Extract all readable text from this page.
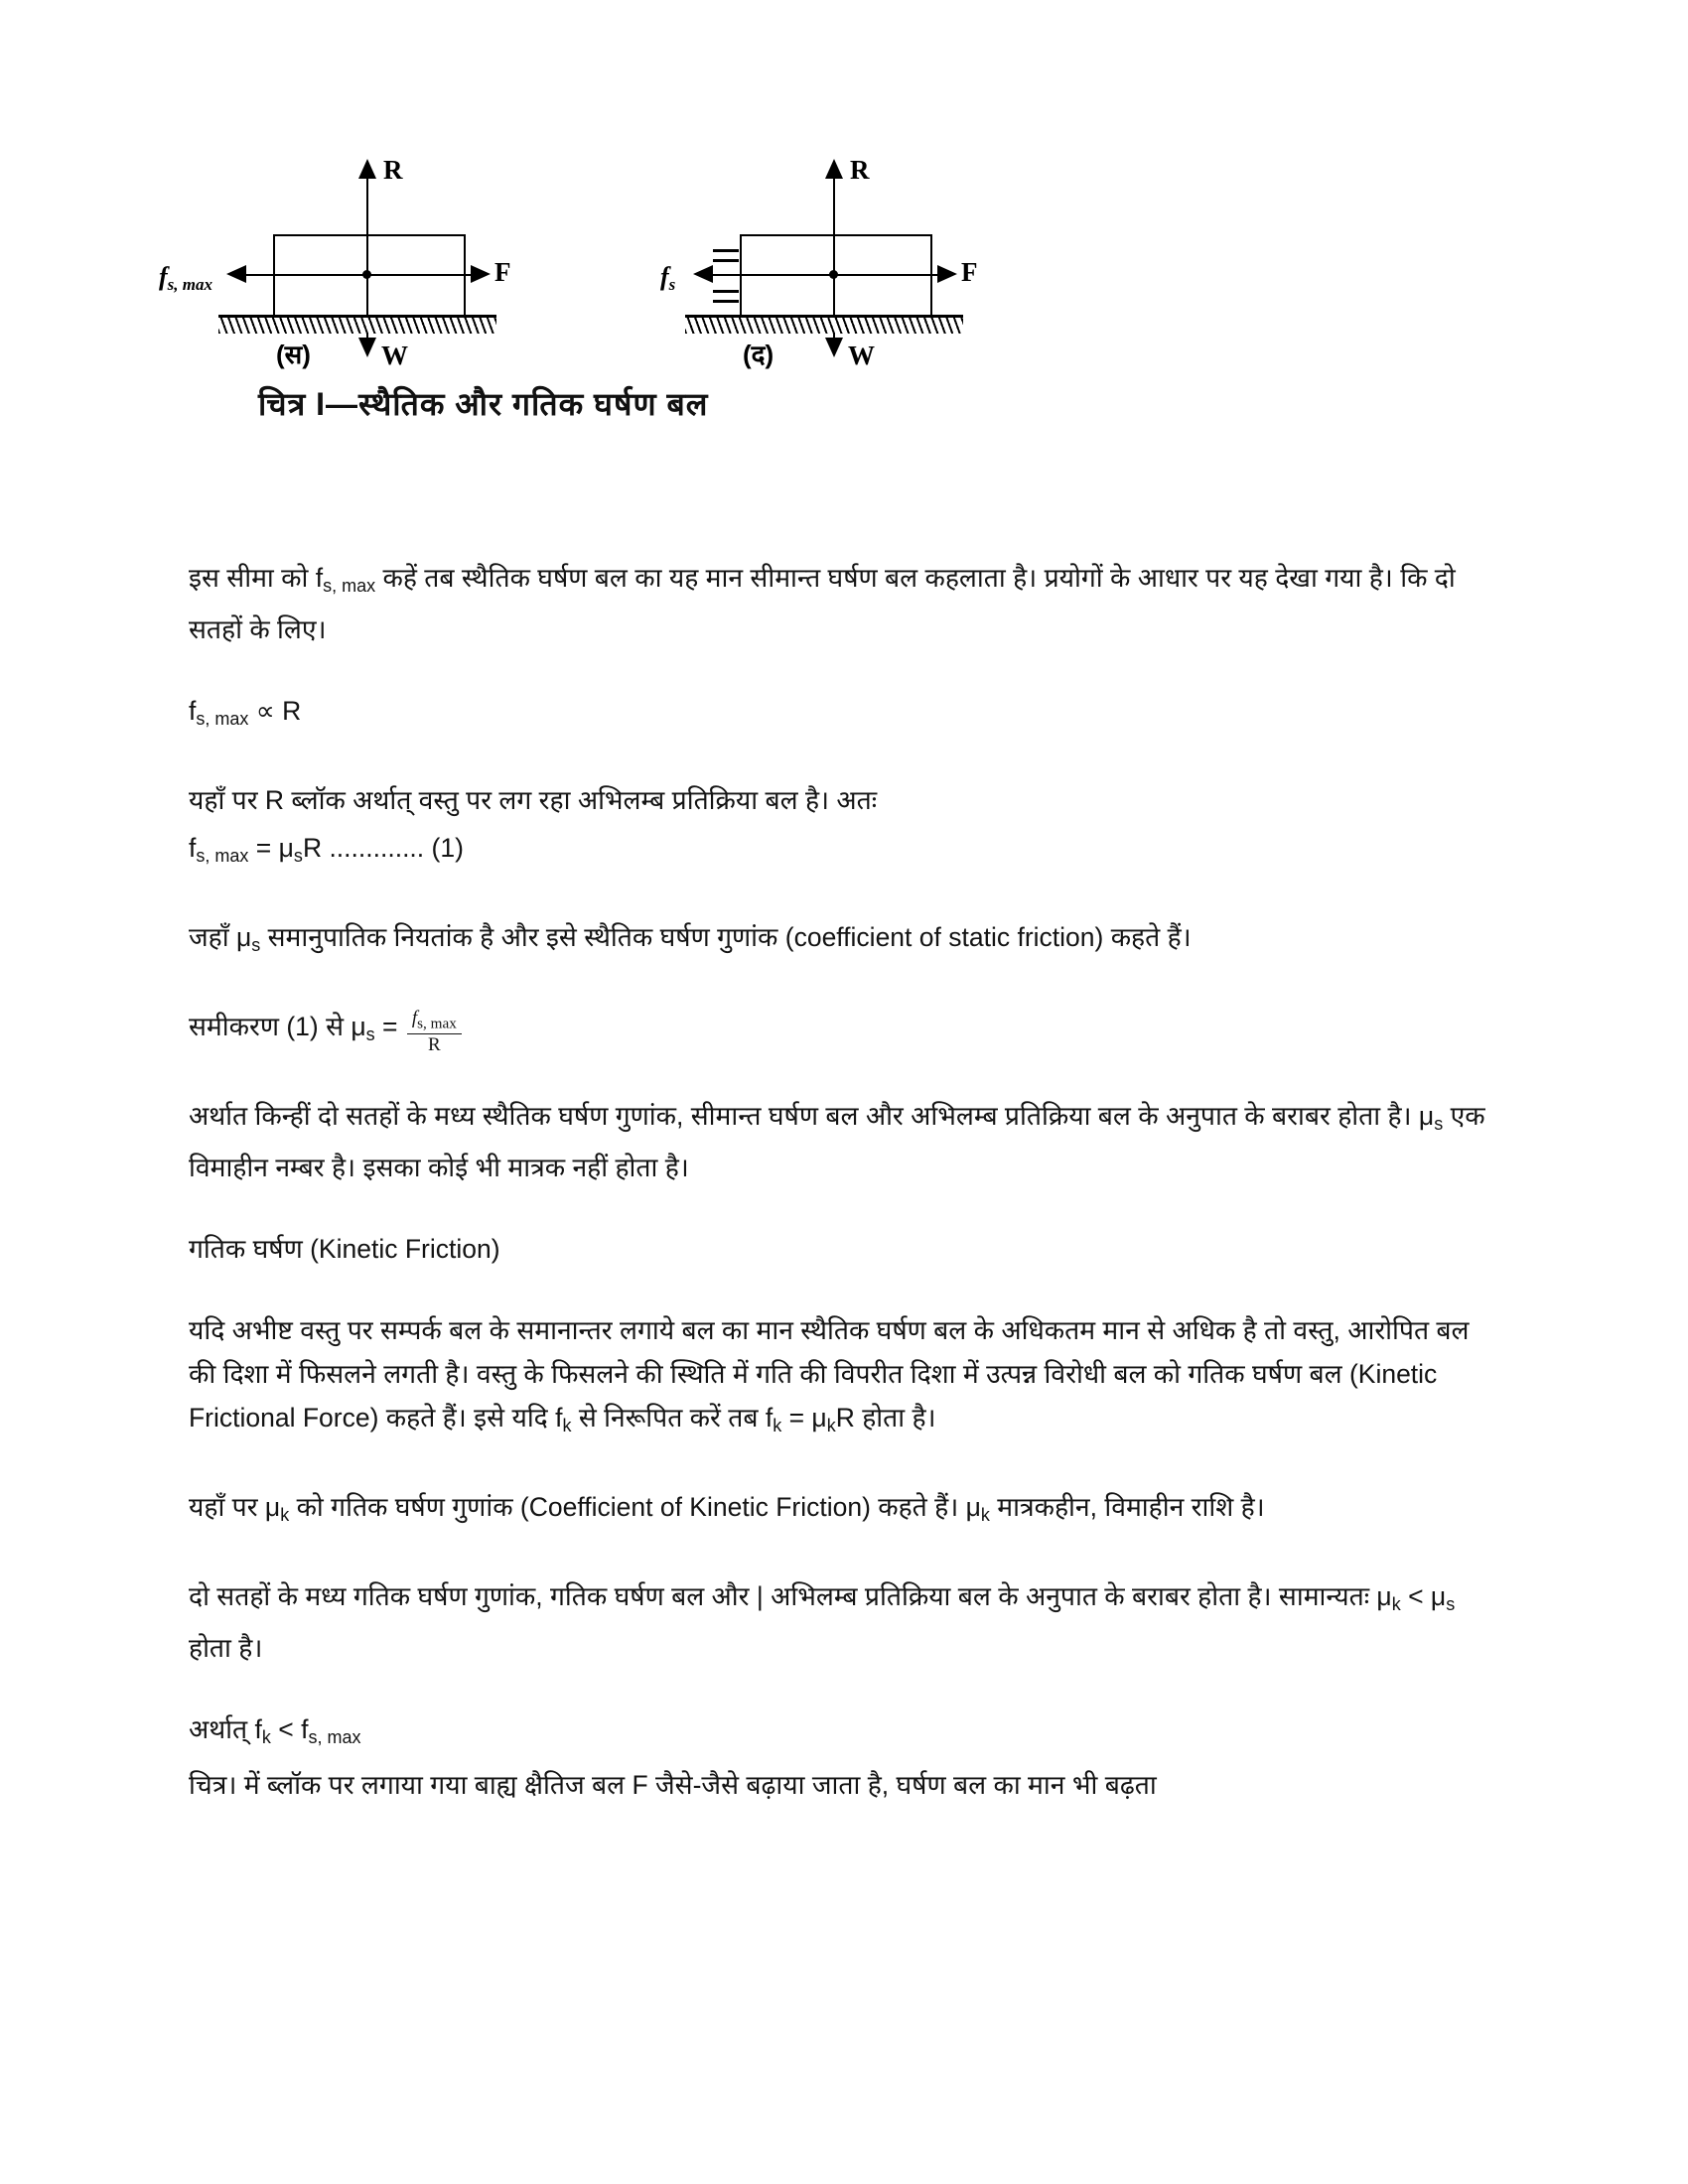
R
$f_{s, max}$	F
(स)	W
R
$f_s$	F
(द)	W
चित्र I—स्थैतिक और गतिक घर्षण बल

इस सीमा को $f_{s, max}$ कहें तब स्थैतिक घर्षण बल का यह मान सीमान्त घर्षण बल कहलाता है। प्रयोगों के आधार पर यह देखा गया है। कि दो सतहों के लिए।

$f_{s, max} \propto R$

यहाँ पर R ब्लॉक अर्थात् वस्तु पर लग रहा अभिलम्ब प्रतिक्रिया बल है। अतः

$f_{s, max} = \mu_sR$ ............. (1)

जहाँ $\mu_s$ समानुपातिक नियतांक है और इसे स्थैतिक घर्षण गुणांक (coefficient of static friction) कहते हैं।

समीकरण (1) से $\mu_s = \frac{f_{s, max}}{R}$

अर्थात किन्हीं दो सतहों के मध्य स्थैतिक घर्षण गुणांक, सीमान्त घर्षण बल और अभिलम्ब प्रतिक्रिया बल के अनुपात के बराबर होता है। $\mu_s$ एक विमाहीन नम्बर है। इसका कोई भी मात्रक नहीं होता है।

गतिक घर्षण (Kinetic Friction)

यदि अभीष्ट वस्तु पर सम्पर्क बल के समानान्तर लगाये बल का मान स्थैतिक घर्षण बल के अधिकतम मान से अधिक है तो वस्तु, आरोपित बल की दिशा में फिसलने लगती है। वस्तु के फिसलने की स्थिति में गति की विपरीत दिशा में उत्पन्न विरोधी बल को गतिक घर्षण बल (Kinetic Frictional Force) कहते हैं। इसे यदि $f_k$ से निरूपित करें तब $f_k = \mu_kR$ होता है।

यहाँ पर $\mu_k$ को गतिक घर्षण गुणांक (Coefficient of Kinetic Friction) कहते हैं। $\mu_k$ मात्रकहीन, विमाहीन राशि है।

दो सतहों के मध्य गतिक घर्षण गुणांक, गतिक घर्षण बल और | अभिलम्ब प्रतिक्रिया बल के अनुपात के बराबर होता है। सामान्यतः $\mu_k < \mu_s$ होता है।

अर्थात् $f_k < f_{s, max}$

चित्र। में ब्लॉक पर लगाया गया बाह्य क्षैतिज बल F जैसे-जैसे बढ़ाया जाता है, घर्षण बल का मान भी बढ़ता
